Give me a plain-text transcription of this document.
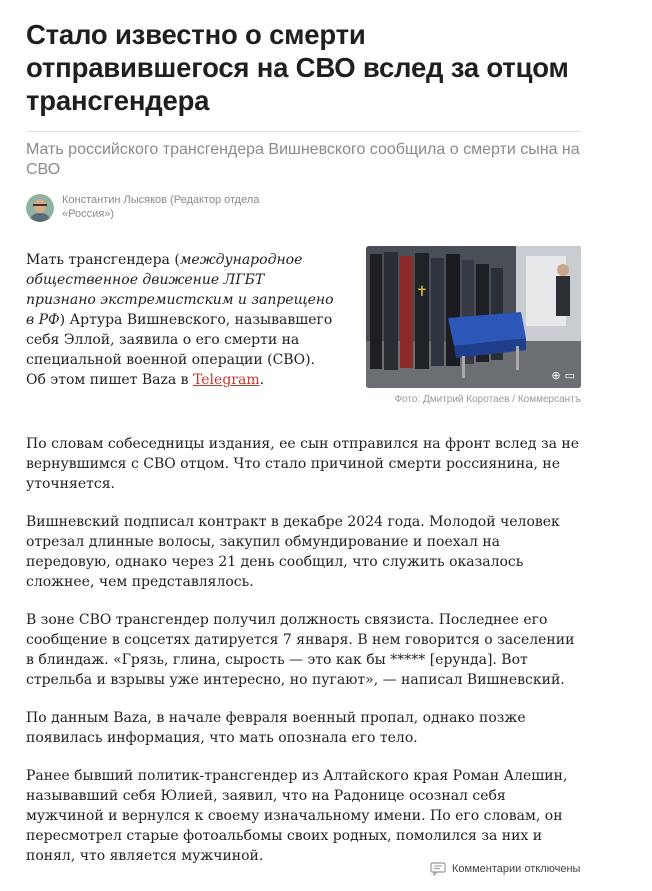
Стало известно о смерти отправившегося на СВО вслед за отцом трансгендера

Мать российского трансгендера Вишневского сообщила о смерти сына на СВО

Константин Лысяков (Редактор отдела «Россия»)

Мать трансгендера (международное общественное движение ЛГБТ признано экстремистским и запрещено в РФ) Артура Вишневского, называвшего себя Эллой, заявила о его смерти на специальной военной операции (СВО). Об этом пишет Baza в Telegram.

✝
⊕ ▭
Фото: Дмитрий Коротаев / Коммерсантъ

По словам собеседницы издания, ее сын отправился на фронт вслед за не вернувшимся с СВО отцом. Что стало причиной смерти россиянина, не уточняется.

Вишневский подписал контракт в декабре 2024 года. Молодой человек отрезал длинные волосы, закупил обмундирование и поехал на передовую, однако через 21 день сообщил, что служить оказалось сложнее, чем представлялось.

В зоне СВО трансгендер получил должность связиста. Последнее его сообщение в соцсетях датируется 7 января. В нем говорится о заселении в блиндаж. «Грязь, глина, сырость — это как бы ***** [ерунда]. Вот стрельба и взрывы уже интересно, но пугают», — написал Вишневский.

По данным Baza, в начале февраля военный пропал, однако позже появилась информация, что мать опознала его тело.

Ранее бывший политик-трансгендер из Алтайского края Роман Алешин, называвший себя Юлией, заявил, что на Радонице осознал себя мужчиной и вернулся к своему изначальному имени. По его словам, он пересмотрел старые фотоальбомы своих родных, помолился за них и понял, что является мужчиной.

Комментарии отключены
